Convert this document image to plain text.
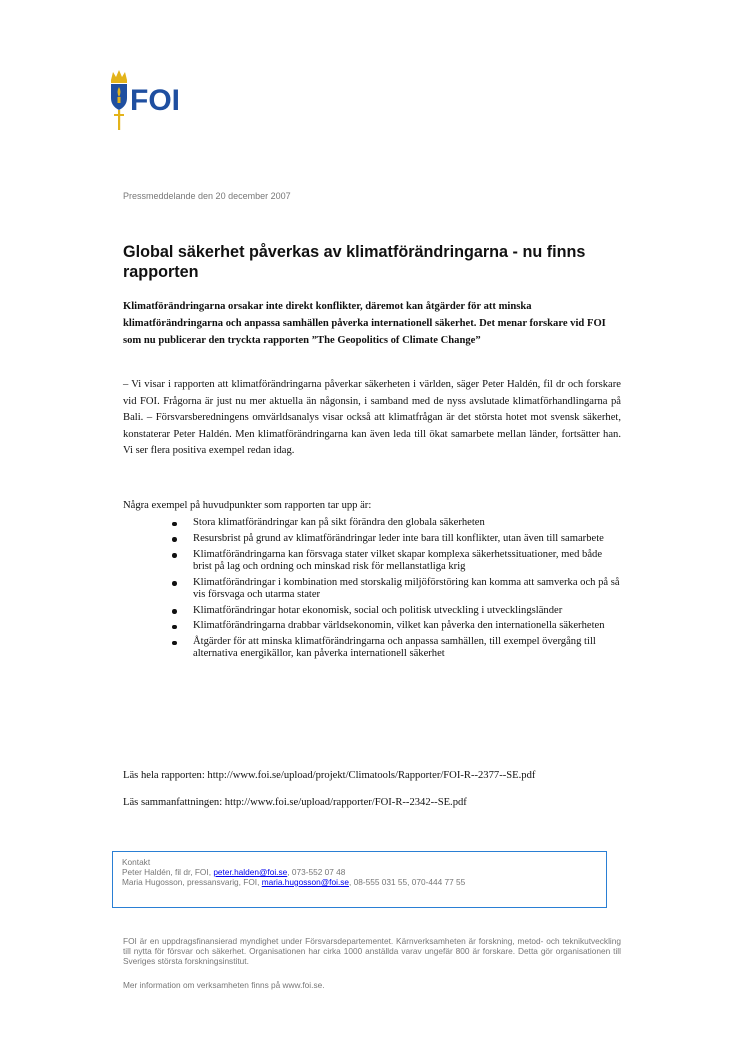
FOI
Pressmeddelande den 20 december 2007
Global säkerhet påverkas av klimatförändringarna - nu finns rapporten

Klimatförändringarna orsakar inte direkt konflikter, däremot kan åtgärder för att minska klimatförändringarna och anpassa samhällen påverka internationell säkerhet. Det menar forskare vid FOI som nu publicerar den tryckta rapporten ”The Geopolitics of Climate Change”

– Vi visar i rapporten att klimatförändringarna påverkar säkerheten i världen, säger Peter Haldén, fil dr och forskare vid FOI. Frågorna är just nu mer aktuella än någonsin, i samband med de nyss avslutade klimatförhandlingarna på Bali. – Försvarsberedningens omvärldsanalys visar också att klimatfrågan är det största hotet mot svensk säkerhet, konstaterar Peter Haldén. Men klimatförändringarna kan även leda till ökat samarbete mellan länder, fortsätter han. Vi ser flera positiva exempel redan idag.

Några exempel på huvudpunkter som rapporten tar upp är:

Stora klimatförändringar kan på sikt förändra den globala säkerheten
Resursbrist på grund av klimatförändringar leder inte bara till konflikter, utan även till samarbete
Klimatförändringarna kan försvaga stater vilket skapar komplexa säkerhetssituationer, med både brist på lag och ordning och minskad risk för mellanstatliga krig
Klimatförändringar i kombination med storskalig miljöförstöring kan komma att samverka och på så vis försvaga och utarma stater
Klimatförändringar hotar ekonomisk, social och politisk utveckling i utvecklingsländer
Klimatförändringarna drabbar världsekonomin, vilket kan påverka den internationella säkerheten
Åtgärder för att minska klimatförändringarna och anpassa samhällen, till exempel övergång till alternativa energikällor, kan påverka internationell säkerhet

Läs hela rapporten: http://www.foi.se/upload/projekt/Climatools/Rapporter/FOI-R--2377--SE.pdf

Läs sammanfattningen: http://www.foi.se/upload/rapporter/FOI-R--2342--SE.pdf

Kontakt
Peter Haldén, fil dr, FOI, peter.halden@foi.se, 073-552 07 48
Maria Hugosson, pressansvarig, FOI, maria.hugosson@foi.se, 08-555 031 55, 070-444 77 55

FOI är en uppdragsfinansierad myndighet under Försvarsdepartementet. Kärnverksamheten är forskning, metod- och teknikutveckling till nytta för försvar och säkerhet. Organisationen har cirka 1000 anställda varav ungefär 800 är forskare. Detta gör organisationen till Sveriges största forskningsinstitut.

Mer information om verksamheten finns på www.foi.se.
